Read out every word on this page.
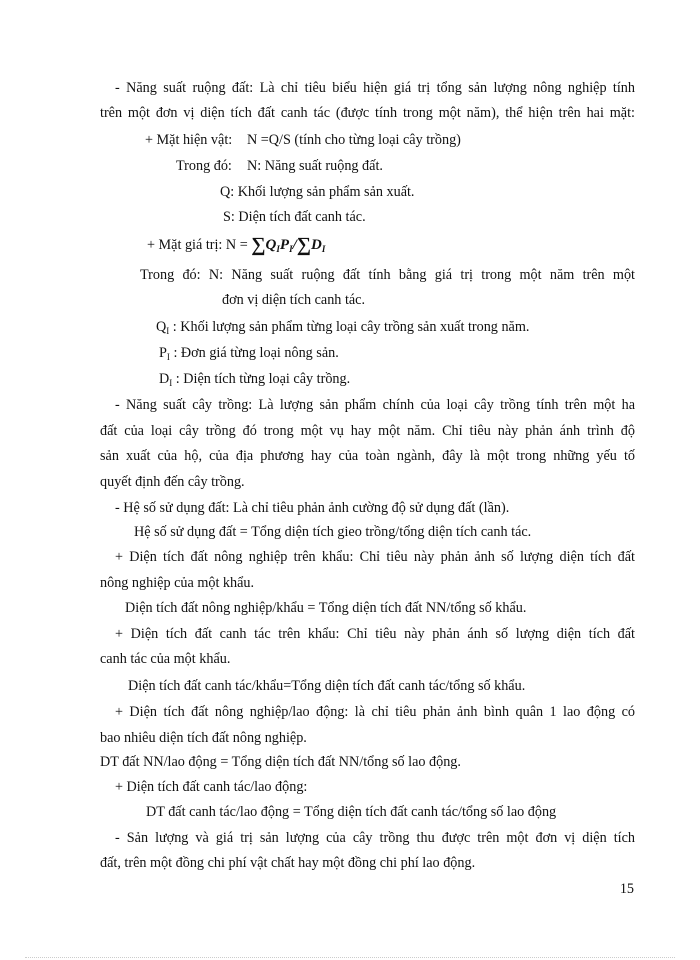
- Năng suất ruộng đất: Là chỉ tiêu biểu hiện giá trị tổng sản lượng nông nghiệp tính
trên một đơn vị diện tích đất canh tác (được tính trong một năm), thể hiện trên hai mặt:
+ Mặt hiện vật: N =Q/S (tính cho từng loại cây trồng)
Trong đó: N: Năng suất ruộng đất.
Q: Khối lượng sản phẩm sản xuất.
S: Diện tích đất canh tác.
+ Mặt giá trị: $N = \sum Q_IP_I/\sum D_I$
Trong đó: N: Năng suất ruộng đất tính bằng giá trị trong một năm trên một
đơn vị diện tích canh tác.
$Q_I$ : Khối lượng sản phẩm từng loại cây trồng sản xuất trong năm.
$P_I$ : Đơn giá từng loại nông sản.
$D_I$ : Diện tích từng loại cây trồng.
- Năng suất cây trồng: Là lượng sản phẩm chính của loại cây trồng tính trên một ha
đất của loại cây trồng đó trong một vụ hay một năm. Chỉ tiêu này phản ánh trình độ
sản xuất của hộ, của địa phương hay của toàn ngành, đây là một trong những yếu tố
quyết định đến cây trồng.
- Hệ số sử dụng đất: Là chỉ tiêu phản ảnh cường độ sử dụng đất (lần).
Hệ số sử dụng đất = Tổng diện tích gieo trồng/tổng diện tích canh tác.
+ Diện tích đất nông nghiệp trên khẩu: Chỉ tiêu này phản ảnh số lượng diện tích đất
nông nghiệp của một khẩu.
Diện tích đất nông nghiệp/khẩu = Tổng diện tích đất NN/tổng số khẩu.
+ Diện tích đất canh tác trên khẩu: Chỉ tiêu này phản ánh số lượng diện tích đất
canh tác của một khẩu.
Diện tích đất canh tác/khẩu=Tổng diện tích đất canh tác/tổng số khẩu.
+ Diện tích đất nông nghiệp/lao động: là chỉ tiêu phản ảnh bình quân 1 lao động có
bao nhiêu diện tích đất nông nghiệp.
DT đất NN/lao động = Tổng diện tích đất NN/tổng số lao động.
+ Diện tích đất canh tác/lao động:
DT đất canh tác/lao động = Tổng diện tích đất canh tác/tổng số lao động
- Sản lượng và giá trị sản lượng của cây trồng thu được trên một đơn vị diện tích
đất, trên một đồng chi phí vật chất hay một đồng chi phí lao động.
15
